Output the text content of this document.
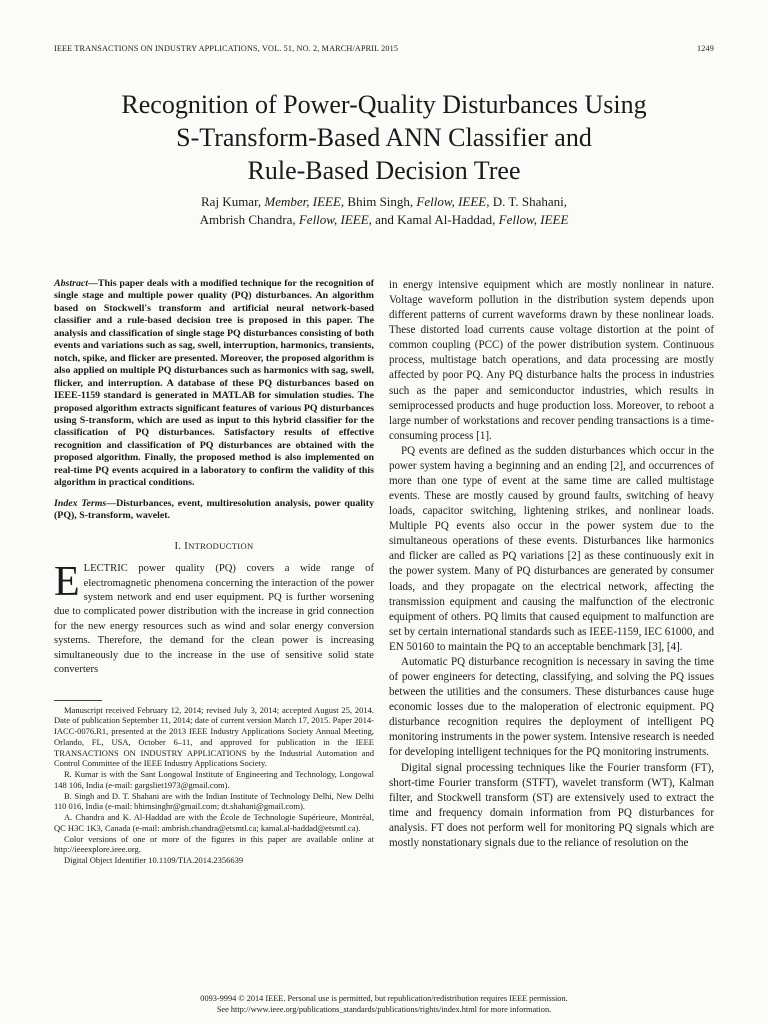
IEEE TRANSACTIONS ON INDUSTRY APPLICATIONS, VOL. 51, NO. 2, MARCH/APRIL 2015	1249
Recognition of Power-Quality Disturbances Using
S-Transform-Based ANN Classifier and
Rule-Based Decision Tree
Raj Kumar, Member, IEEE, Bhim Singh, Fellow, IEEE, D. T. Shahani,
Ambrish Chandra, Fellow, IEEE, and Kamal Al-Haddad, Fellow, IEEE

Abstract—This paper deals with a modified technique for the recognition of single stage and multiple power quality (PQ) disturbances. An algorithm based on Stockwell's transform and artificial neural network-based classifier and a rule-based decision tree is proposed in this paper. The analysis and classification of single stage PQ disturbances consisting of both events and variations such as sag, swell, interruption, harmonics, transients, notch, spike, and flicker are presented. Moreover, the proposed algorithm is also applied on multiple PQ disturbances such as harmonics with sag, swell, flicker, and interruption. A database of these PQ disturbances based on IEEE-1159 standard is generated in MATLAB for simulation studies. The proposed algorithm extracts significant features of various PQ disturbances using S-transform, which are used as input to this hybrid classifier for the classification of PQ disturbances. Satisfactory results of effective recognition and classification of PQ disturbances are obtained with the proposed algorithm. Finally, the proposed method is also implemented on real-time PQ events acquired in a laboratory to confirm the validity of this algorithm in practical conditions.

Index Terms—Disturbances, event, multiresolution analysis, power quality (PQ), S-transform, wavelet.

I. INTRODUCTION

ELECTRIC power quality (PQ) covers a wide range of electromagnetic phenomena concerning the interaction of the power system network and end user equipment. PQ is further worsening due to complicated power distribution with the increase in grid connection for the new energy resources such as wind and solar energy conversion systems. Therefore, the demand for the clean power is increasing simultaneously due to the increase in the use of sensitive solid state converters

Manuscript received February 12, 2014; revised July 3, 2014; accepted August 25, 2014. Date of publication September 11, 2014; date of current version March 17, 2015. Paper 2014-IACC-0076.R1, presented at the 2013 IEEE Industry Applications Society Annual Meeting, Orlando, FL, USA, October 6–11, and approved for publication in the IEEE TRANSACTIONS ON INDUSTRY APPLICATIONS by the Industrial Automation and Control Committee of the IEEE Industry Applications Society.

R. Kumar is with the Sant Longowal Institute of Engineering and Technology, Longowal 148 106, India (e-mail: gargsliet1973@gmail.com).

B. Singh and D. T. Shahani are with the Indian Institute of Technology Delhi, New Delhi 110 016, India (e-mail: bhimsinghr@gmail.com; dt.shahani@gmail.com).

A. Chandra and K. Al-Haddad are with the École de Technologie Supérieure, Montréal, QC H3C 1K3, Canada (e-mail: ambrish.chandra@etsmtl.ca; kamal.al-haddad@etsmtl.ca).

Color versions of one or more of the figures in this paper are available online at http://ieeexplore.ieee.org.

Digital Object Identifier 10.1109/TIA.2014.2356639

in energy intensive equipment which are mostly nonlinear in nature. Voltage waveform pollution in the distribution system depends upon different patterns of current waveforms drawn by these nonlinear loads. These distorted load currents cause voltage distortion at the point of common coupling (PCC) of the power distribution system. Continuous process, multistage batch operations, and data processing are mostly affected by poor PQ. Any PQ disturbance halts the process in industries such as the paper and semiconductor industries, which results in semiprocessed products and huge production loss. Moreover, to reboot a large number of workstations and recover pending transactions is a time-consuming process [1].

PQ events are defined as the sudden disturbances which occur in the power system having a beginning and an ending [2], and occurrences of more than one type of event at the same time are called multistage events. These are mostly caused by ground faults, switching of heavy loads, capacitor switching, lightening strikes, and nonlinear loads. Multiple PQ events also occur in the power system due to the simultaneous operations of these events. Disturbances like harmonics and flicker are called as PQ variations [2] as these continuously exit in the power system. Many of PQ disturbances are generated by consumer loads, and they propagate on the electrical network, affecting the transmission equipment and causing the malfunction of the electronic equipment of others. PQ limits that caused equipment to malfunction are set by certain international standards such as IEEE-1159, IEC 61000, and EN 50160 to maintain the PQ to an acceptable benchmark [3], [4].

Automatic PQ disturbance recognition is necessary in saving the time of power engineers for detecting, classifying, and solving the PQ issues between the utilities and the consumers. These disturbances cause huge economic losses due to the maloperation of electronic equipment. PQ disturbance recognition requires the deployment of intelligent PQ monitoring instruments in the power system. Intensive research is needed for developing intelligent techniques for the PQ monitoring instruments.

Digital signal processing techniques like the Fourier transform (FT), short-time Fourier transform (STFT), wavelet transform (WT), Kalman filter, and Stockwell transform (ST) are extensively used to extract the time and frequency domain information from PQ disturbances for analysis. FT does not perform well for monitoring PQ signals which are mostly nonstationary signals due to the reliance of resolution on the

0093-9994 © 2014 IEEE. Personal use is permitted, but republication/redistribution requires IEEE permission.
See http://www.ieee.org/publications_standards/publications/rights/index.html for more information.
